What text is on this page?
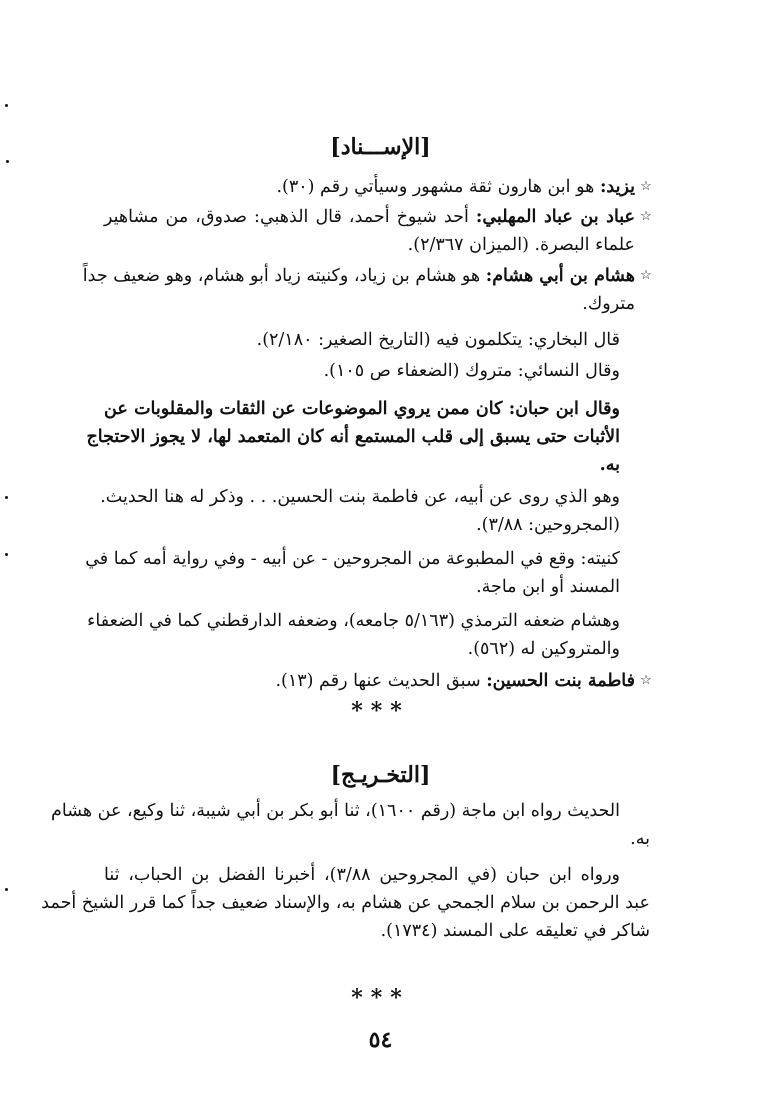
[الإســـناد]
☆
يزيد: هو ابن هارون ثقة مشهور وسيأتي رقم (٣٠).
☆
عباد بن عباد المهلبي: أحد شيوخ أحمد، قال الذهبي: صدوق، من مشاهير
علماء البصرة. (الميزان ٢/٣٦٧).
☆
هشام بن أبي هشام: هو هشام بن زياد، وكنيته زياد أبو هشام، وهو ضعيف جداً
متروك.
قال البخاري: يتكلمون فيه (التاريخ الصغير: ٢/١٨٠).
وقال النسائي: متروك (الضعفاء ص ١٠٥).
وقال ابن حبان: كان ممن يروي الموضوعات عن الثقات والمقلوبات عن
الأثبات حتى يسبق إلى قلب المستمع أنه كان المتعمد لها، لا يجوز الاحتجاج
به.
وهو الذي روى عن أبيه، عن فاطمة بنت الحسين. . . وذكر له هنا الحديث.
(المجروحين: ٣/٨٨).
كنيته: وقع في المطبوعة من المجروحين - عن أبيه - وفي رواية أمه كما في
المسند أو ابن ماجة.
وهشام ضعفه الترمذي (٥/١٦٣ جامعه)، وضعفه الدارقطني كما في الضعفاء
والمتروكين له (٥٦٢).
☆
فاطمة بنت الحسين: سبق الحديث عنها رقم (١٣).
***
[التخـريـج]
الحديث رواه ابن ماجة (رقم ١٦٠٠)، ثنا أبو بكر بن أبي شيبة، ثنا وكيع، عن هشام
به.
ورواه ابن حبان (في المجروحين ٣/٨٨)، أخبرنا الفضل بن الحباب، ثنا
عبد الرحمن بن سلام الجمحي عن هشام به، والإسناد ضعيف جداً كما قرر الشيخ أحمد
شاكر في تعليقه على المسند (١٧٣٤).
***
٥٤
